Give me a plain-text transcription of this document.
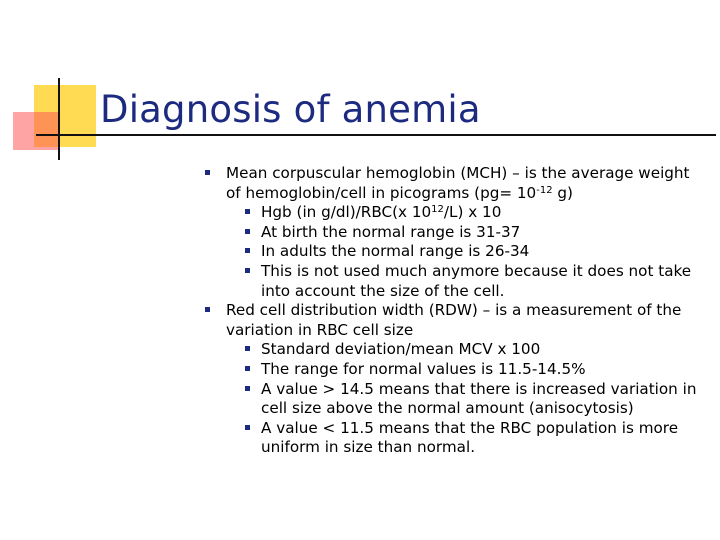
Diagnosis of anemia
Mean corpuscular hemoglobin (MCH) – is the average weight of hemoglobin/cell in picograms ($pg= 10^{-12}$ g)
Hgb (in g/dl)/RBC(x $10^{12}/L$) x 10
At birth the normal range is 31-37
In adults the normal range is 26-34
This is not used much anymore because it does not take into account the size of the cell.
Red cell distribution width (RDW) – is a measurement of the variation in RBC cell size
Standard deviation/mean MCV x 100
The range for normal values is 11.5-14.5%
A value > 14.5 means that there is increased variation in cell size above the normal amount (anisocytosis)
A value < 11.5 means that the RBC population is more uniform in size than normal.
